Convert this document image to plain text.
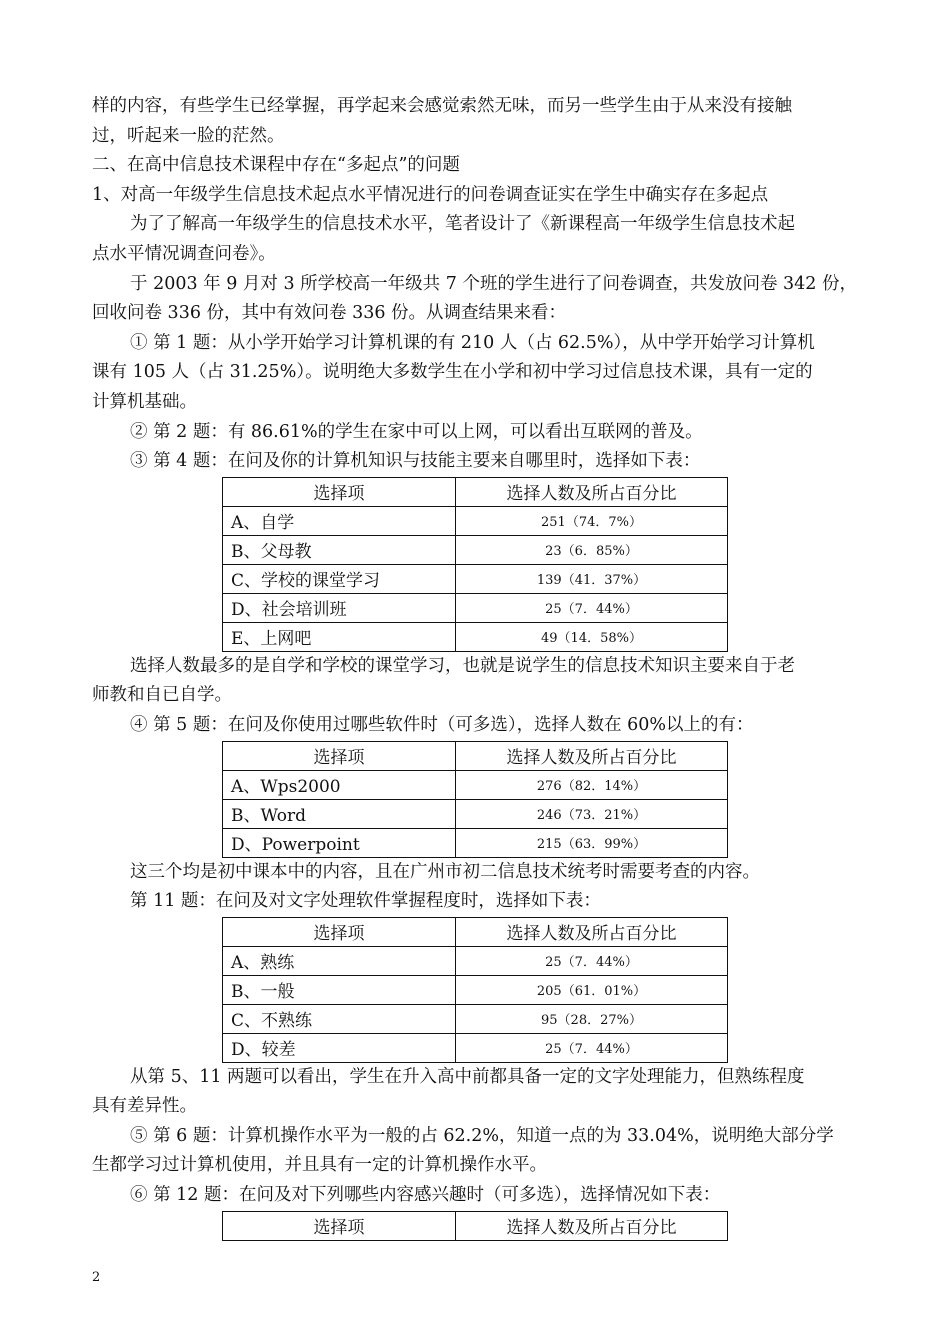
样的内容，有些学生已经掌握，再学起来会感觉索然无味，而另一些学生由于从来没有接触

过，听起来一脸的茫然。

二、在高中信息技术课程中存在“多起点”的问题

1、对高一年级学生信息技术起点水平情况进行的问卷调查证实在学生中确实存在多起点

为了了解高一年级学生的信息技术水平，笔者设计了《新课程高一年级学生信息技术起

点水平情况调查问卷》。

于 2003 年 9 月对 3 所学校高一年级共 7 个班的学生进行了问卷调查，共发放问卷 342 份，

回收问卷 336 份，其中有效问卷 336 份。从调查结果来看：

① 第 1 题：从小学开始学习计算机课的有 210 人（占 62.5%），从中学开始学习计算机

课有 105 人（占 31.25%）。说明绝大多数学生在小学和初中学习过信息技术课，具有一定的

计算机基础。

② 第 2 题：有 86.61%的学生在家中可以上网，可以看出互联网的普及。

③ 第 4 题：在问及你的计算机知识与技能主要来自哪里时，选择如下表：

选择项	选择人数及所占百分比
A、自学	251（74．7%）
B、父母教	23（6．85%）
C、学校的课堂学习	139（41．37%）
D、社会培训班	25（7．44%）
E、上网吧	49（14．58%）

选择人数最多的是自学和学校的课堂学习，也就是说学生的信息技术知识主要来自于老

师教和自已自学。

④ 第 5 题：在问及你使用过哪些软件时（可多选），选择人数在 60%以上的有：

选择项	选择人数及所占百分比
A、Wps2000	276（82．14%）
B、Word	246（73．21%）
D、Powerpoint	215（63．99%）

这三个均是初中课本中的内容，且在广州市初二信息技术统考时需要考查的内容。

第 11 题：在问及对文字处理软件掌握程度时，选择如下表：

选择项	选择人数及所占百分比
A、熟练	25（7．44%）
B、一般	205（61．01%）
C、不熟练	95（28．27%）
D、较差	25（7．44%）

从第 5、11 两题可以看出，学生在升入高中前都具备一定的文字处理能力，但熟练程度

具有差异性。

⑤ 第 6 题：计算机操作水平为一般的占 62.2%，知道一点的为 33.04%，说明绝大部分学

生都学习过计算机使用，并且具有一定的计算机操作水平。

⑥ 第 12 题：在问及对下列哪些内容感兴趣时（可多选），选择情况如下表：

选择项	选择人数及所占百分比
2
